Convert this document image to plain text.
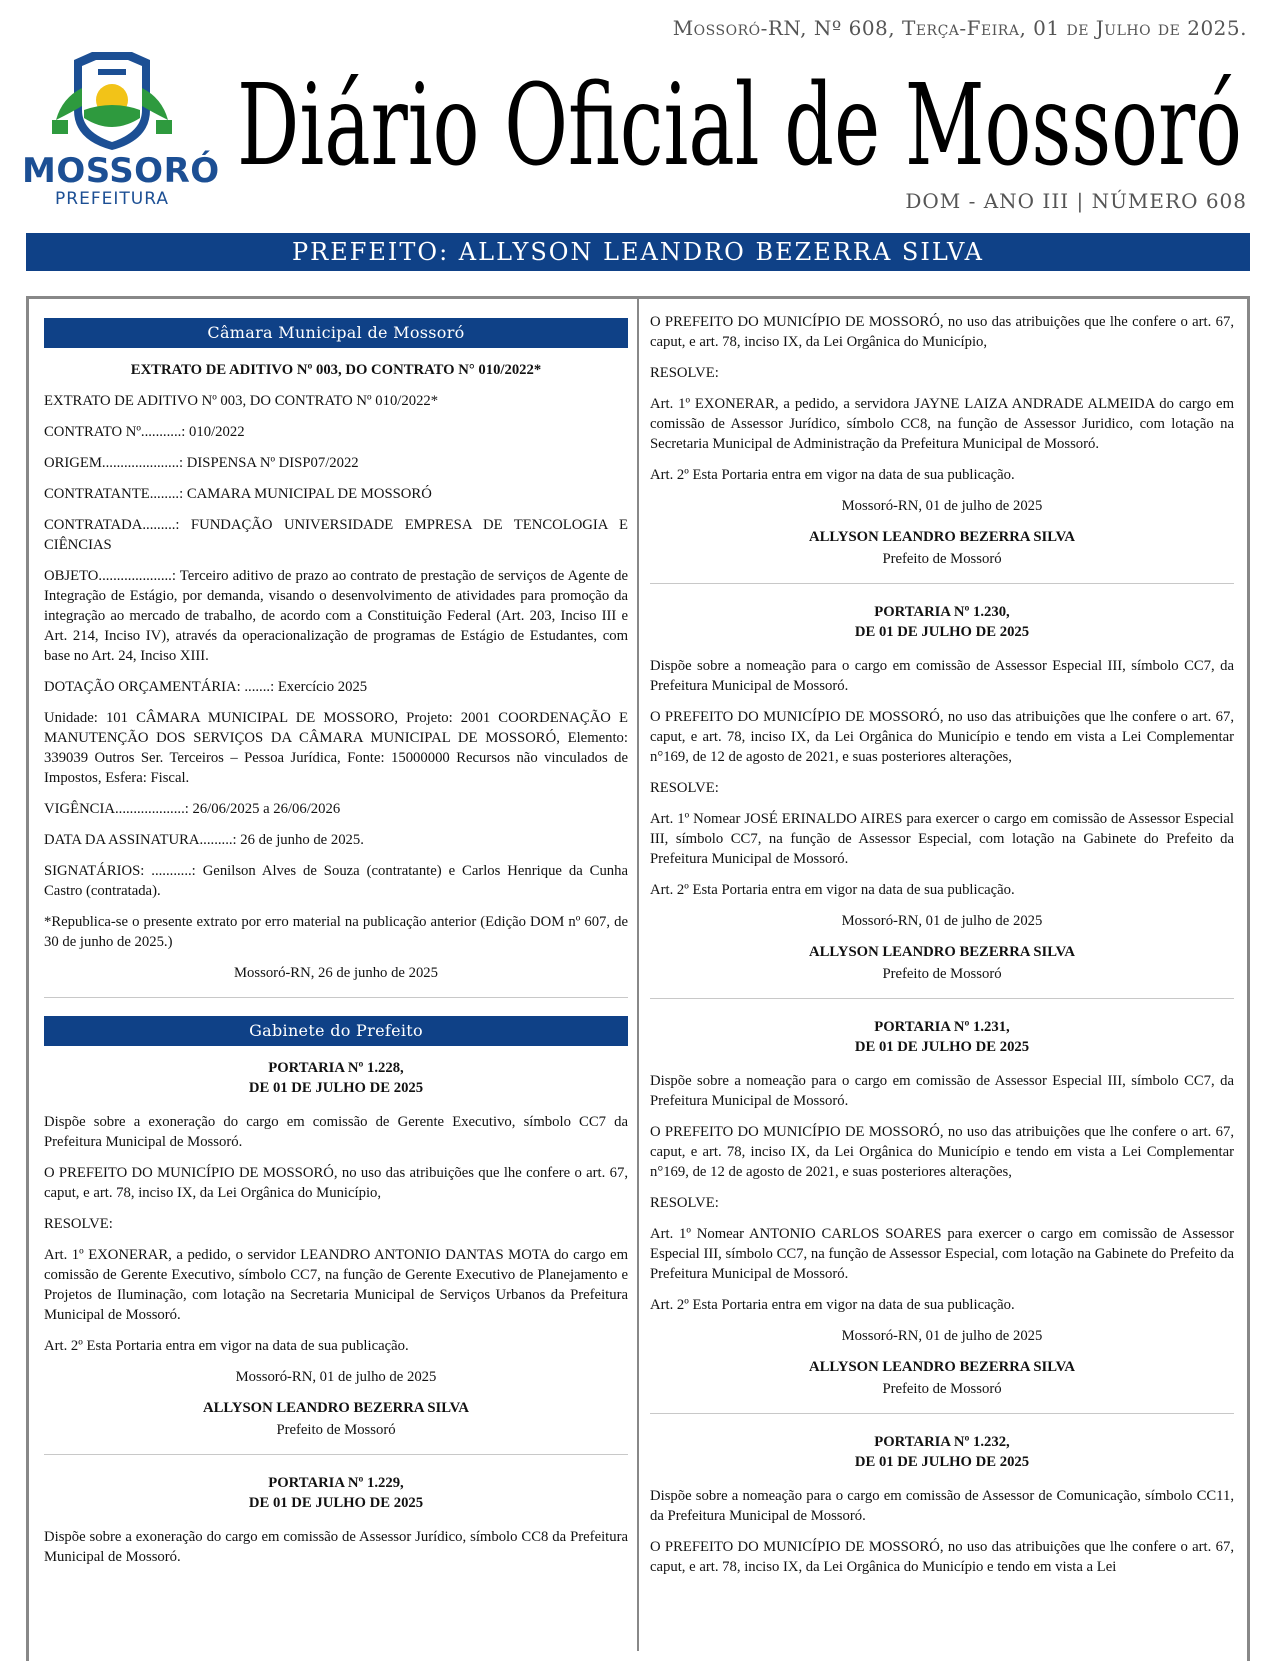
Mossoró-RN, Nº 608, Terça-Feira, 01 de Julho de 2025.
MOSSORÓ
PREFEITURA
Diário Oficial de Mossoró
DOM - ANO III | NÚMERO 608
PREFEITO: ALLYSON LEANDRO BEZERRA SILVA
Câmara Municipal de Mossoró

EXTRATO DE ADITIVO Nº 003, DO CONTRATO N° 010/2022*

EXTRATO DE ADITIVO Nº 003, DO CONTRATO Nº 010/2022*

CONTRATO Nº...........: 010/2022

ORIGEM.....................: DISPENSA Nº DISP07/2022

CONTRATANTE........: CAMARA MUNICIPAL DE MOSSORÓ

CONTRATADA.........: FUNDAÇÃO UNIVERSIDADE EMPRESA DE TENCOLOGIA E CIÊNCIAS

OBJETO....................: Terceiro aditivo de prazo ao contrato de prestação de serviços de Agente de Integração de Estágio, por demanda, visando o desenvolvimento de atividades para promoção da integração ao mercado de trabalho, de acordo com a Constituição Federal (Art. 203, Inciso III e Art. 214, Inciso IV), através da operacionalização de programas de Estágio de Estudantes, com base no Art. 24, Inciso XIII.

DOTAÇÃO ORÇAMENTÁRIA: .......: Exercício 2025

Unidade: 101 CÂMARA MUNICIPAL DE MOSSORO, Projeto: 2001 COORDENAÇÃO E MANUTENÇÃO DOS SERVIÇOS DA CÂMARA MUNICIPAL DE MOSSORÓ, Elemento: 339039 Outros Ser. Terceiros – Pessoa Jurídica, Fonte: 15000000 Recursos não vinculados de Impostos, Esfera: Fiscal.

VIGÊNCIA...................: 26/06/2025 a 26/06/2026

DATA DA ASSINATURA.........: 26 de junho de 2025.

SIGNATÁRIOS: ...........: Genilson Alves de Souza (contratante) e Carlos Henrique da Cunha Castro (contratada).

*Republica-se o presente extrato por erro material na publicação anterior (Edição DOM nº 607, de 30 de junho de 2025.)

Mossoró-RN, 26 de junho de 2025

Gabinete do Prefeito
PORTARIA Nº 1.228,
DE 01 DE JULHO DE 2025

Dispõe sobre a exoneração do cargo em comissão de Gerente Executivo, símbolo CC7 da Prefeitura Municipal de Mossoró.

O PREFEITO DO MUNICÍPIO DE MOSSORÓ, no uso das atribuições que lhe confere o art. 67, caput, e art. 78, inciso IX, da Lei Orgânica do Município,

RESOLVE:

Art. 1º EXONERAR, a pedido, o servidor LEANDRO ANTONIO DANTAS MOTA do cargo em comissão de Gerente Executivo, símbolo CC7, na função de Gerente Executivo de Planejamento e Projetos de Iluminação, com lotação na Secretaria Municipal de Serviços Urbanos da Prefeitura Municipal de Mossoró.

Art. 2º Esta Portaria entra em vigor na data de sua publicação.

Mossoró-RN, 01 de julho de 2025

ALLYSON LEANDRO BEZERRA SILVA
Prefeito de Mossoró
PORTARIA Nº 1.229,
DE 01 DE JULHO DE 2025

Dispõe sobre a exoneração do cargo em comissão de Assessor Jurídico, símbolo CC8 da Prefeitura Municipal de Mossoró.

O PREFEITO DO MUNICÍPIO DE MOSSORÓ, no uso das atribuições que lhe confere o art. 67, caput, e art. 78, inciso IX, da Lei Orgânica do Município,

RESOLVE:

Art. 1º EXONERAR, a pedido, a servidora JAYNE LAIZA ANDRADE ALMEIDA do cargo em comissão de Assessor Jurídico, símbolo CC8, na função de Assessor Juridico, com lotação na Secretaria Municipal de Administração da Prefeitura Municipal de Mossoró.

Art. 2º Esta Portaria entra em vigor na data de sua publicação.

Mossoró-RN, 01 de julho de 2025

ALLYSON LEANDRO BEZERRA SILVA
Prefeito de Mossoró
PORTARIA Nº 1.230,
DE 01 DE JULHO DE 2025

Dispõe sobre a nomeação para o cargo em comissão de Assessor Especial III, símbolo CC7, da Prefeitura Municipal de Mossoró.

O PREFEITO DO MUNICÍPIO DE MOSSORÓ, no uso das atribuições que lhe confere o art. 67, caput, e art. 78, inciso IX, da Lei Orgânica do Município e tendo em vista a Lei Complementar n°169, de 12 de agosto de 2021, e suas posteriores alterações,

RESOLVE:

Art. 1º Nomear JOSÉ ERINALDO AIRES para exercer o cargo em comissão de Assessor Especial III, símbolo CC7, na função de Assessor Especial, com lotação na Gabinete do Prefeito da Prefeitura Municipal de Mossoró.

Art. 2º Esta Portaria entra em vigor na data de sua publicação.

Mossoró-RN, 01 de julho de 2025

ALLYSON LEANDRO BEZERRA SILVA
Prefeito de Mossoró
PORTARIA Nº 1.231,
DE 01 DE JULHO DE 2025

Dispõe sobre a nomeação para o cargo em comissão de Assessor Especial III, símbolo CC7, da Prefeitura Municipal de Mossoró.

O PREFEITO DO MUNICÍPIO DE MOSSORÓ, no uso das atribuições que lhe confere o art. 67, caput, e art. 78, inciso IX, da Lei Orgânica do Município e tendo em vista a Lei Complementar n°169, de 12 de agosto de 2021, e suas posteriores alterações,

RESOLVE:

Art. 1º Nomear ANTONIO CARLOS SOARES para exercer o cargo em comissão de Assessor Especial III, símbolo CC7, na função de Assessor Especial, com lotação na Gabinete do Prefeito da Prefeitura Municipal de Mossoró.

Art. 2º Esta Portaria entra em vigor na data de sua publicação.

Mossoró-RN, 01 de julho de 2025

ALLYSON LEANDRO BEZERRA SILVA
Prefeito de Mossoró
PORTARIA Nº 1.232,
DE 01 DE JULHO DE 2025

Dispõe sobre a nomeação para o cargo em comissão de Assessor de Comunicação, símbolo CC11, da Prefeitura Municipal de Mossoró.

O PREFEITO DO MUNICÍPIO DE MOSSORÓ, no uso das atribuições que lhe confere o art. 67, caput, e art. 78, inciso IX, da Lei Orgânica do Município e tendo em vista a Lei
